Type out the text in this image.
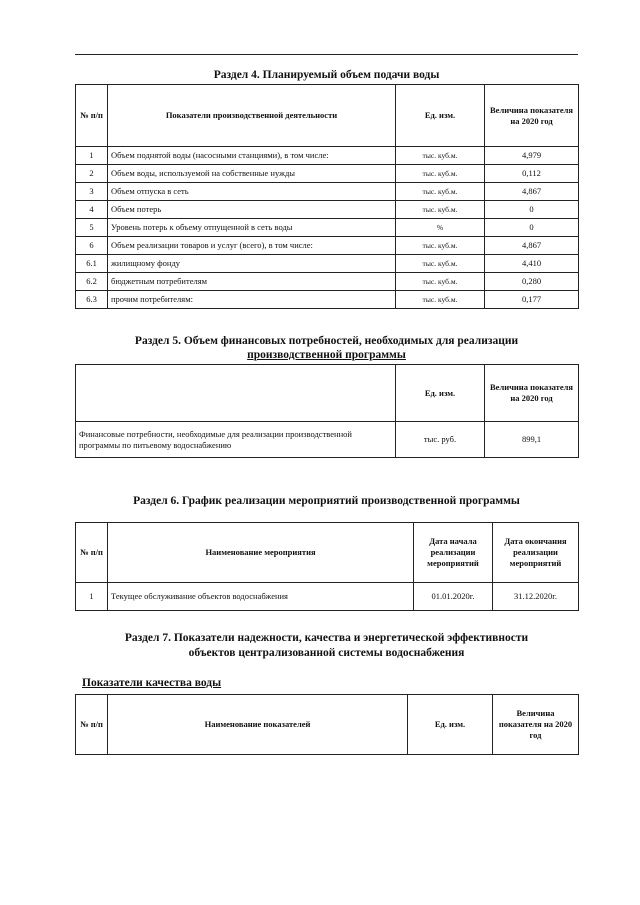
Раздел 4. Планируемый объем подачи воды
№ п/п	Показатели производственной деятельности	Ед. изм.	Величина показателя на 2020 год
1	Объем поднятой воды (насосными станциями), в том числе:	тыс. куб.м.	4,979
2	Объем воды, используемой на собственные нужды	тыс. куб.м.	0,112
3	Объем отпуска в сеть	тыс. куб.м.	4,867
4	Объем потерь	тыс. куб.м.	0
5	Уровень потерь к объему отпущенной в сеть воды	%	0
6	Объем реализации товаров и услуг (всего), в том числе:	тыс. куб.м.	4,867
6.1	жилищному фонду	тыс. куб.м.	4,410
6.2	бюджетным потребителям	тыс. куб.м.	0,280
6.3	прочим потребителям:	тыс. куб.м.	0,177
Раздел 5. Объем финансовых потребностей, необходимых для реализации
производственной программы
	Ед. изм.	Величина показателя на 2020 год
Финансовые потребности, необходимые для реализации производственной программы по питьевому водоснабжению	тыс. руб.	899,1
Раздел 6. График реализации мероприятий производственной программы
№ п/п	Наименование мероприятия	Дата начала реализации мероприятий	Дата окончания реализации мероприятий
1	Текущее обслуживание объектов водоснабжения	01.01.2020г.	31.12.2020г.
Раздел 7. Показатели надежности, качества и энергетической эффективности
объектов централизованной системы водоснабжения
Показатели качества воды
№ п/п	Наименование показателей	Ед. изм.	Величина показателя на 2020 год
